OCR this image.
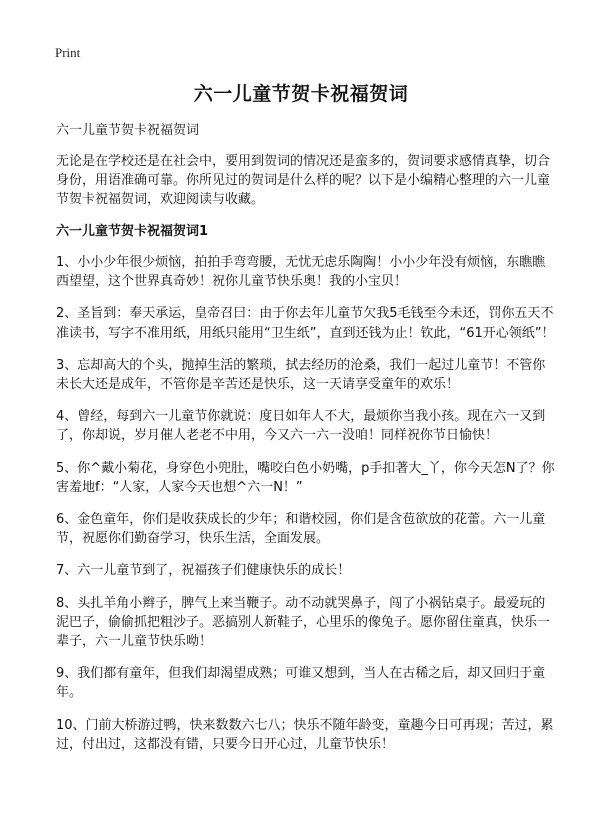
Print
六一儿童节贺卡祝福贺词
六一儿童节贺卡祝福贺词

无论是在学校还是在社会中，要用到贺词的情况还是蛮多的，贺词要求感情真挚，切合身份，用语准确可靠。你所见过的贺词是什么样的呢？以下是小编精心整理的六一儿童节贺卡祝福贺词，欢迎阅读与收藏。

六一儿童节贺卡祝福贺词1
1、小小少年很少烦恼，拍拍手弯弯腰，无忧无虑乐陶陶！小小少年没有烦恼，东瞧瞧西望望，这个世界真奇妙！祝你儿童节快乐奥！我的小宝贝！
2、圣旨到：奉天承运，皇帝召曰：由于你去年儿童节欠我5毛钱至今未还，罚你五天不准读书，写字不准用纸，用纸只能用“卫生纸”，直到还钱为止！钦此，“61开心领纸”！
3、忘却高大的个头，抛掉生活的繁琐，拭去经历的沧桑，我们一起过儿童节！不管你未长大还是成年，不管你是辛苦还是快乐，这一天请享受童年的欢乐！
4、曾经，每到六一儿童节你就说：度日如年人不大，最烦你当我小孩。现在六一又到了，你却说，岁月催人老老不中用，今又六一六一没咱！同样祝你节日愉快！
5、你^戴小菊花，身穿色小兜肚，嘴咬白色小奶嘴，p手扣著大_丫，你今天怎N了？你害羞地f：“人家，人家今天也想^六一N！”
6、金色童年，你们是收获成长的少年；和谐校园，你们是含苞欲放的花蕾。六一儿童节，祝愿你们勤奋学习，快乐生活，全面发展。
7、六一儿童节到了，祝福孩子们健康快乐的成长！
8、头扎羊角小辫子，脾气上来当鞭子。动不动就哭鼻子，闯了小祸钻桌子。最爱玩的泥巴子，偷偷抓把粗沙子。恶搞别人新鞋子，心里乐的像兔子。愿你留住童真，快乐一辈子，六一儿童节快乐呦！
9、我们都有童年，但我们却渴望成熟；可谁又想到，当人在古稀之后，却又回归于童年。
10、门前大桥游过鸭，快来数数六七八；快乐不随年龄变，童趣今日可再现；苦过，累过，付出过，这都没有错，只要今日开心过，儿童节快乐！
